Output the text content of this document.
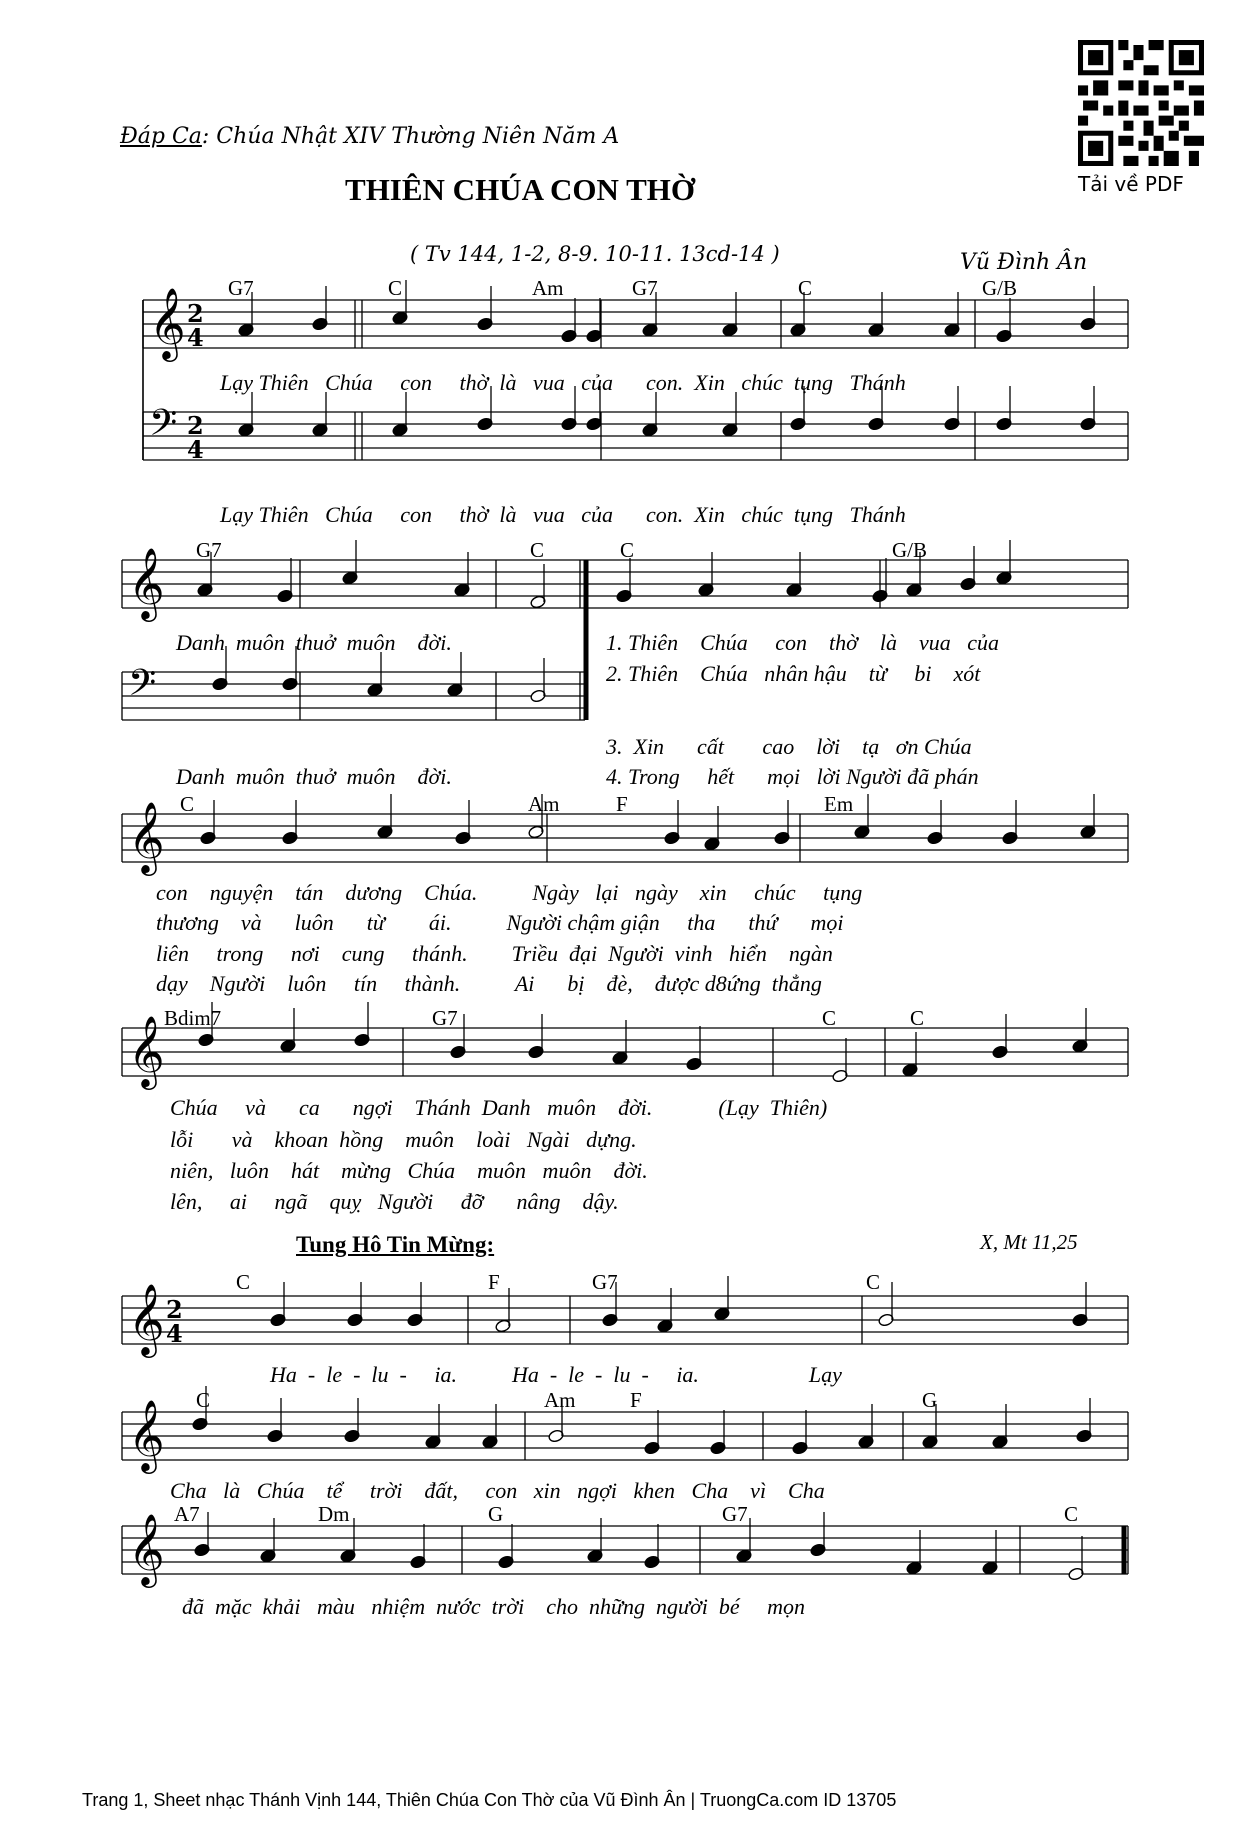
Đáp Ca: Chúa Nhật XIV Thường Niên Năm A
THIÊN CHÚA CON THỜ
( Tv 144, 1-2, 8-9. 10-11. 13cd-14 )	Vũ Đình Ân
Tải về PDF
𝄞 2
4
𝄢 2
4
𝄞
𝄢
𝄞
𝄞
𝄞 2
4
𝄞
𝄞
G7	C	Am	G7	C	G/B
Lạy Thiên   Chúa     con     thờ  là   vua   của      con.  Xin   chúc  tụng   Thánh
Lạy Thiên   Chúa     con     thờ  là   vua   của      con.  Xin   chúc  tụng   Thánh
G7	C	C	G/B
Danh  muôn  thuở  muôn    đời.	1. Thiên    Chúa     con    thờ    là    vua   của
2. Thiên    Chúa   nhân hậu    từ     bi    xót
3.  Xin      cất       cao    lời    tạ   ơn Chúa
Danh  muôn  thuở  muôn    đời.	4. Trong     hết      mọi   lời Người đã phán
C	Am	F	Em
con    nguyện    tán    dương    Chúa.          Ngày   lại   ngày    xin     chúc     tụng
thương    và      luôn      từ        ái.          Người chậm giận     tha      thứ      mọi
liên     trong     nơi    cung     thánh.        Triều  đại  Người  vinh   hiển    ngàn
dạy    Người    luôn     tín     thành.          Ai      bị    đè,    được d8ứng  thẳng
Bdim7	G7	C	C
Chúa     và      ca      ngợi    Thánh  Danh   muôn    đời.            (Lạy  Thiên)
lỗi       và    khoan  hồng    muôn    loài   Ngài   dựng.
niên,   luôn    hát    mừng   Chúa    muôn   muôn    đời.
lên,     ai     ngã    quỵ   Người     đỡ      nâng    dậy.
Tung Hô Tin Mừng:	X, Mt 11,25
C	F	G7	C
Ha  -  le  -  lu  -     ia.          Ha  -  le  -  lu  -     ia.                    Lạy
C	Am	F	G
Cha   là   Chúa    tể     trời    đất,     con   xin   ngợi   khen   Cha    vì    Cha
A7	Dm	G	G7	C
đã  mặc  khải   màu   nhiệm  nước  trời    cho  những  người  bé     mọn
Trang 1, Sheet nhạc Thánh Vịnh 144, Thiên Chúa Con Thờ của Vũ Đình Ân | TruongCa.com ID 13705
